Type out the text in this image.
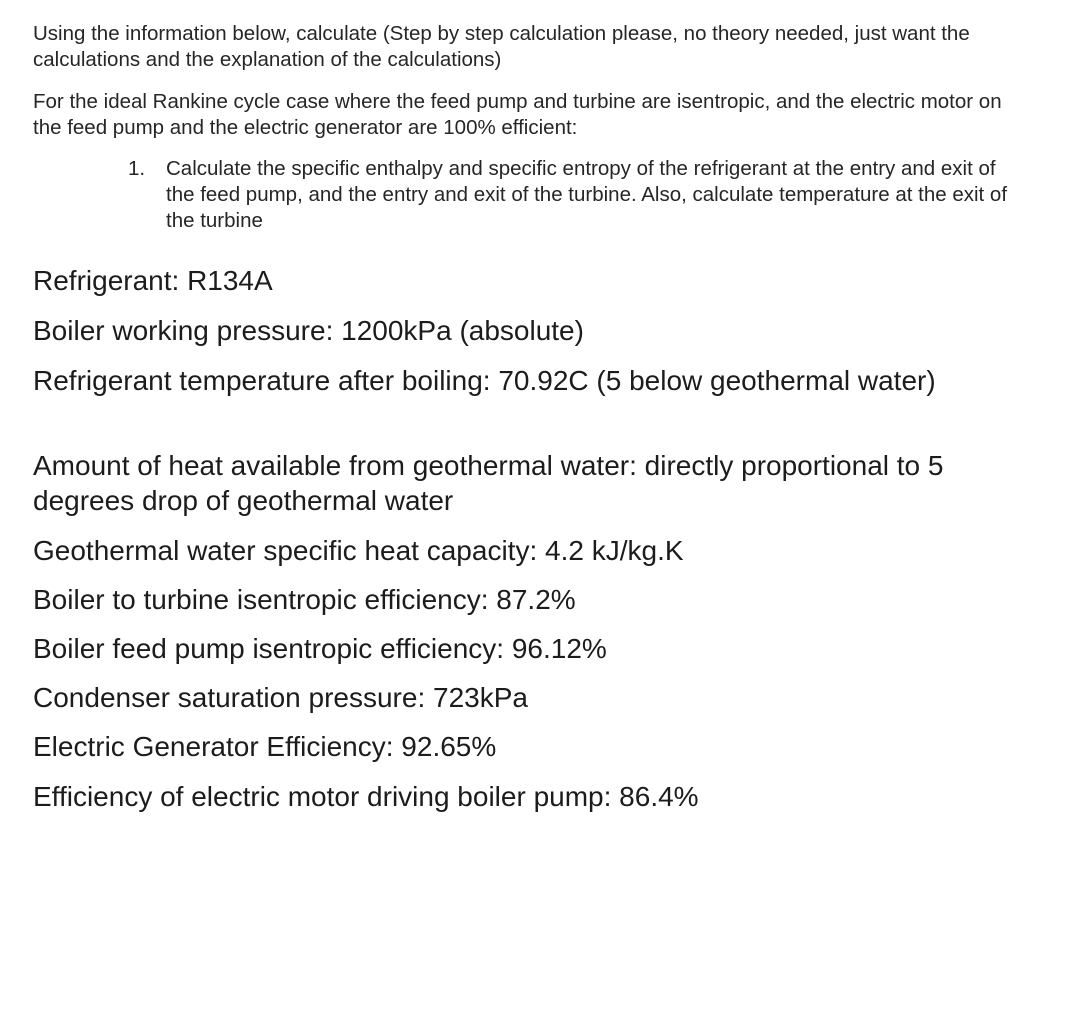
Using the information below, calculate (Step by step calculation please, no theory needed, just want the calculations and the explanation of the calculations)

For the ideal Rankine cycle case where the feed pump and turbine are isentropic, and the electric motor on the feed pump and the electric generator are 100% efficient:

1.	Calculate the specific enthalpy and specific entropy of the refrigerant at the entry and exit of the feed pump, and the entry and exit of the turbine. Also, calculate temperature at the exit of the turbine

Refrigerant: R134A

Boiler working pressure: 1200kPa (absolute)

Refrigerant temperature after boiling: 70.92C (5 below geothermal water)

Amount of heat available from geothermal water: directly proportional to 5 degrees drop of geothermal water

Geothermal water specific heat capacity: 4.2 kJ/kg.K

Boiler to turbine isentropic efficiency: 87.2%

Boiler feed pump isentropic efficiency: 96.12%

Condenser saturation pressure: 723kPa

Electric Generator Efficiency: 92.65%

Efficiency of electric motor driving boiler pump: 86.4%
